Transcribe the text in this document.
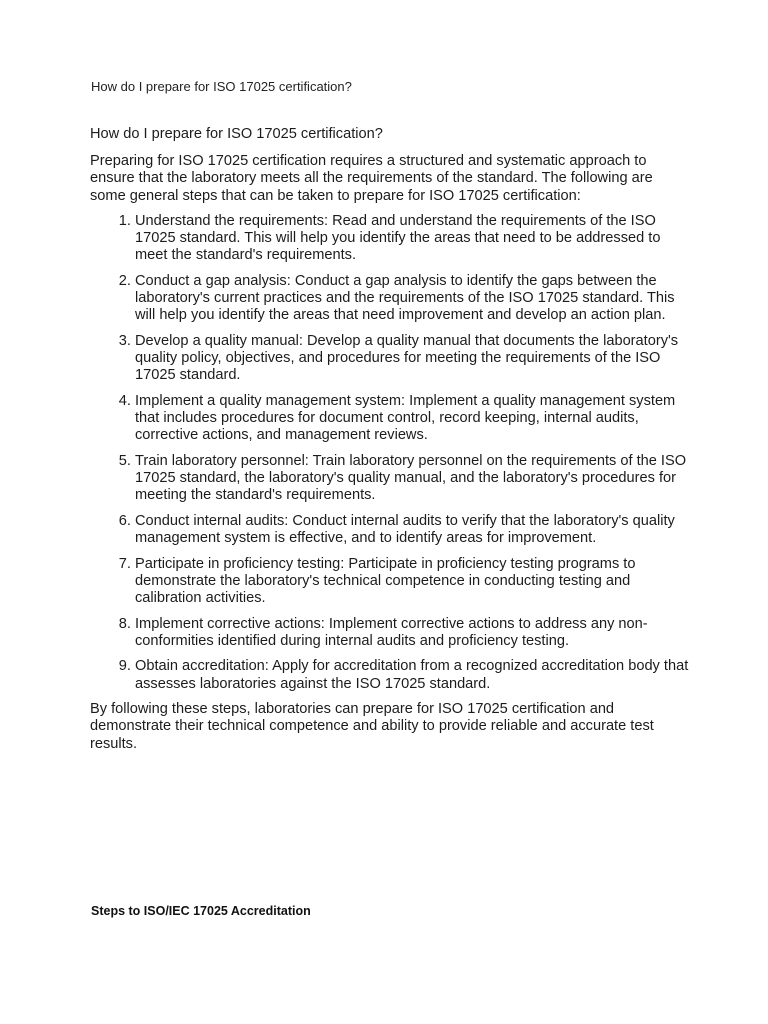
How do I prepare for ISO 17025 certification?

How do I prepare for ISO 17025 certification?

Preparing for ISO 17025 certification requires a structured and systematic approach to ensure that the laboratory meets all the requirements of the standard. The following are some general steps that can be taken to prepare for ISO 17025 certification:

1. Understand the requirements: Read and understand the requirements of the ISO 17025 standard. This will help you identify the areas that need to be addressed to meet the standard's requirements.
2. Conduct a gap analysis: Conduct a gap analysis to identify the gaps between the laboratory's current practices and the requirements of the ISO 17025 standard. This will help you identify the areas that need improvement and develop an action plan.
3. Develop a quality manual: Develop a quality manual that documents the laboratory's quality policy, objectives, and procedures for meeting the requirements of the ISO 17025 standard.
4. Implement a quality management system: Implement a quality management system that includes procedures for document control, record keeping, internal audits, corrective actions, and management reviews.
5. Train laboratory personnel: Train laboratory personnel on the requirements of the ISO 17025 standard, the laboratory's quality manual, and the laboratory's procedures for meeting the standard's requirements.
6. Conduct internal audits: Conduct internal audits to verify that the laboratory's quality management system is effective, and to identify areas for improvement.
7. Participate in proficiency testing: Participate in proficiency testing programs to demonstrate the laboratory's technical competence in conducting testing and calibration activities.
8. Implement corrective actions: Implement corrective actions to address any non-conformities identified during internal audits and proficiency testing.
9. Obtain accreditation: Apply for accreditation from a recognized accreditation body that assesses laboratories against the ISO 17025 standard.

By following these steps, laboratories can prepare for ISO 17025 certification and demonstrate their technical competence and ability to provide reliable and accurate test results.

Steps to ISO/IEC 17025 Accreditation
